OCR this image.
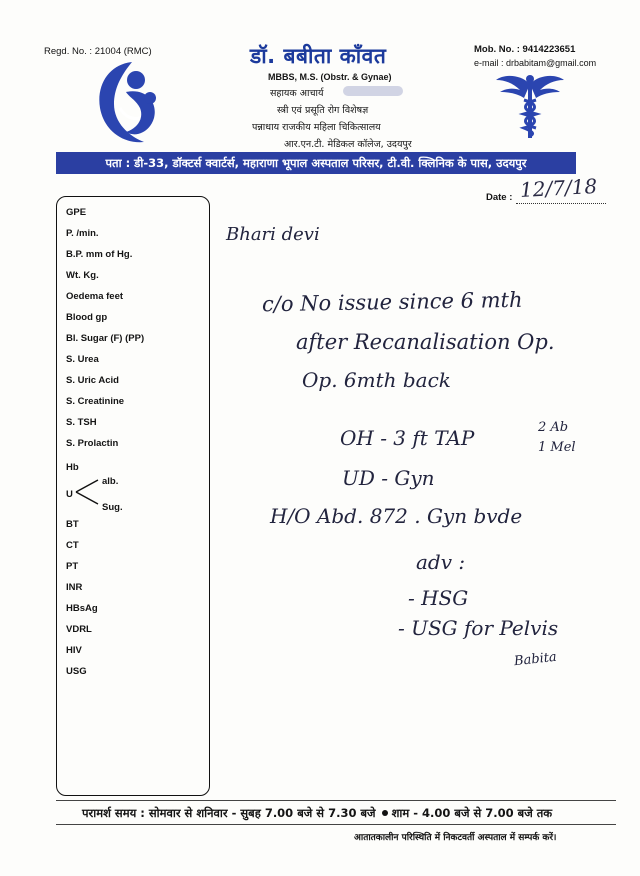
Regd. No. : 21004 (RMC)	डॉ. बबीता काँवत
MBBS, M.S. (Obstr. & Gynae)
सहायक आचार्य
स्त्री एवं प्रसूति रोग विशेषज्ञ
पन्नाधाय राजकीय महिला चिकित्सालय
आर.एन.टी. मेडिकल कॉलेज, उदयपुर
Mob. No. : 9414223651
e-mail : drbabitam@gmail.com
पता : डी-33, डॉक्टर्स क्वार्टर्स, महाराणा भूपाल अस्पताल परिसर, टी.वी. क्लिनिक के पास, उदयपुर
Date : 12/7/18
GPE
P. /min.
B.P. mm of Hg.
Wt. Kg.
Oedema feet
Blood gp
Bl. Sugar (F) (PP)
S. Urea
S. Uric Acid
S. Creatinine
S. TSH
S. Prolactin
Hb
U
alb.
Sug.
BT
CT
PT
INR
HBsAg
VDRL
HIV
USG
Bhari devi
c/o No issue since 6 mth
after Recanalisation Op.
Op. 6mth back
OH - 3 ft TAP	2 Ab
1 Mel
UD - Gyn
H/O Abd. 872 . Gyn bvde
adv :
- HSG
- USG for Pelvis
Babita
परामर्श समय : सोमवार से शनिवार - सुबह 7.00 बजे से 7.30 बजे शाम - 4.00 बजे से 7.00 बजे तक
आतातकालीन परिस्थिति में निकटवर्ती अस्पताल में सम्पर्क करें।
